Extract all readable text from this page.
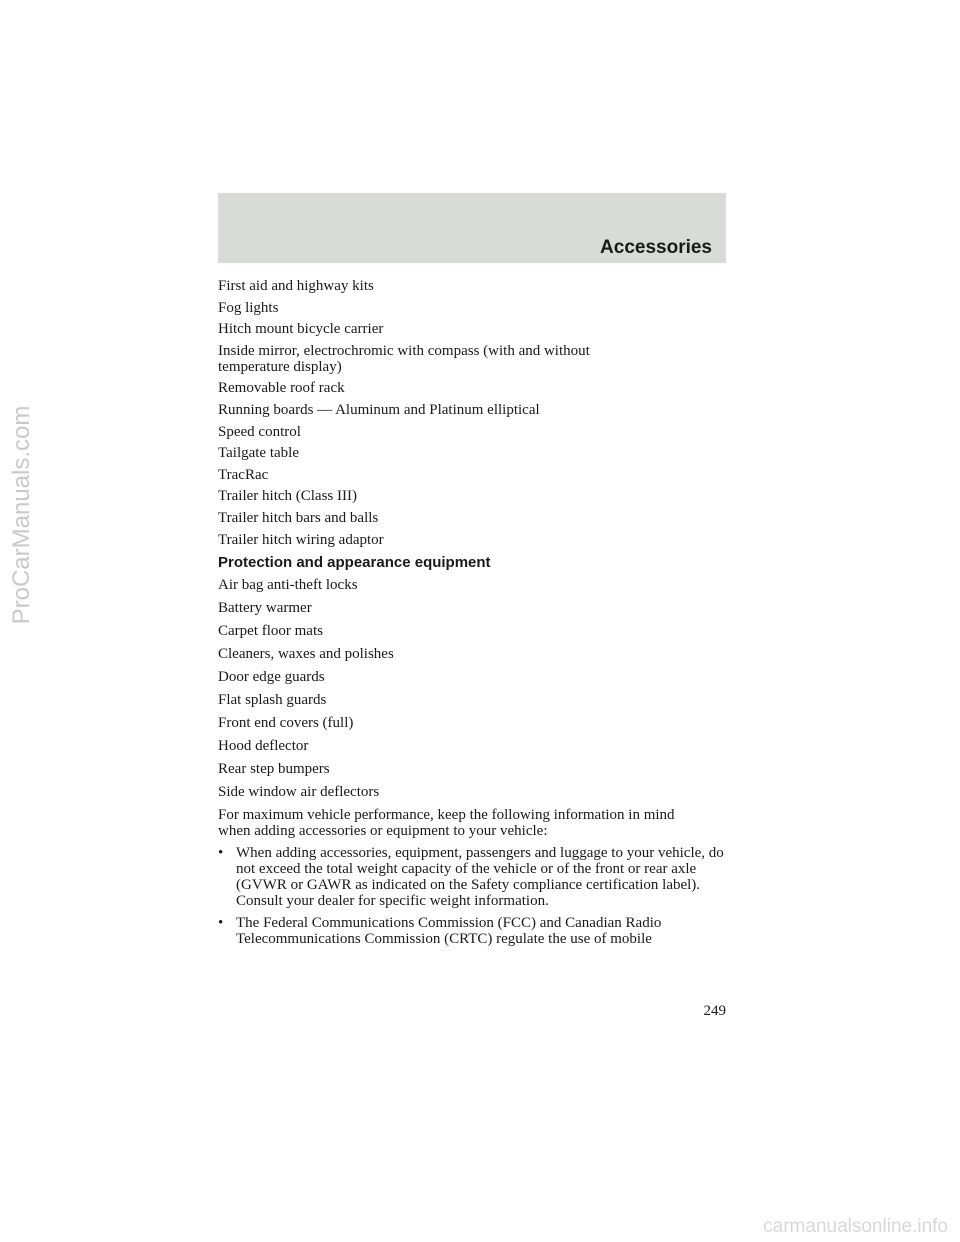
Accessories
First aid and highway kits
Fog lights
Hitch mount bicycle carrier
Inside mirror, electrochromic with compass (with and without temperature display)
Removable roof rack
Running boards — Aluminum and Platinum elliptical
Speed control
Tailgate table
TracRac
Trailer hitch (Class III)
Trailer hitch bars and balls
Trailer hitch wiring adaptor
Protection and appearance equipment
Air bag anti-theft locks
Battery warmer
Carpet floor mats
Cleaners, waxes and polishes
Door edge guards
Flat splash guards
Front end covers (full)
Hood deflector
Rear step bumpers
Side window air deflectors
For maximum vehicle performance, keep the following information in mind when adding accessories or equipment to your vehicle:
• When adding accessories, equipment, passengers and luggage to your vehicle, do not exceed the total weight capacity of the vehicle or of the front or rear axle (GVWR or GAWR as indicated on the Safety compliance certification label). Consult your dealer for specific weight information.
• The Federal Communications Commission (FCC) and Canadian Radio Telecommunications Commission (CRTC) regulate the use of mobile
249
ProCarManuals.com
carmanualsonline.info
